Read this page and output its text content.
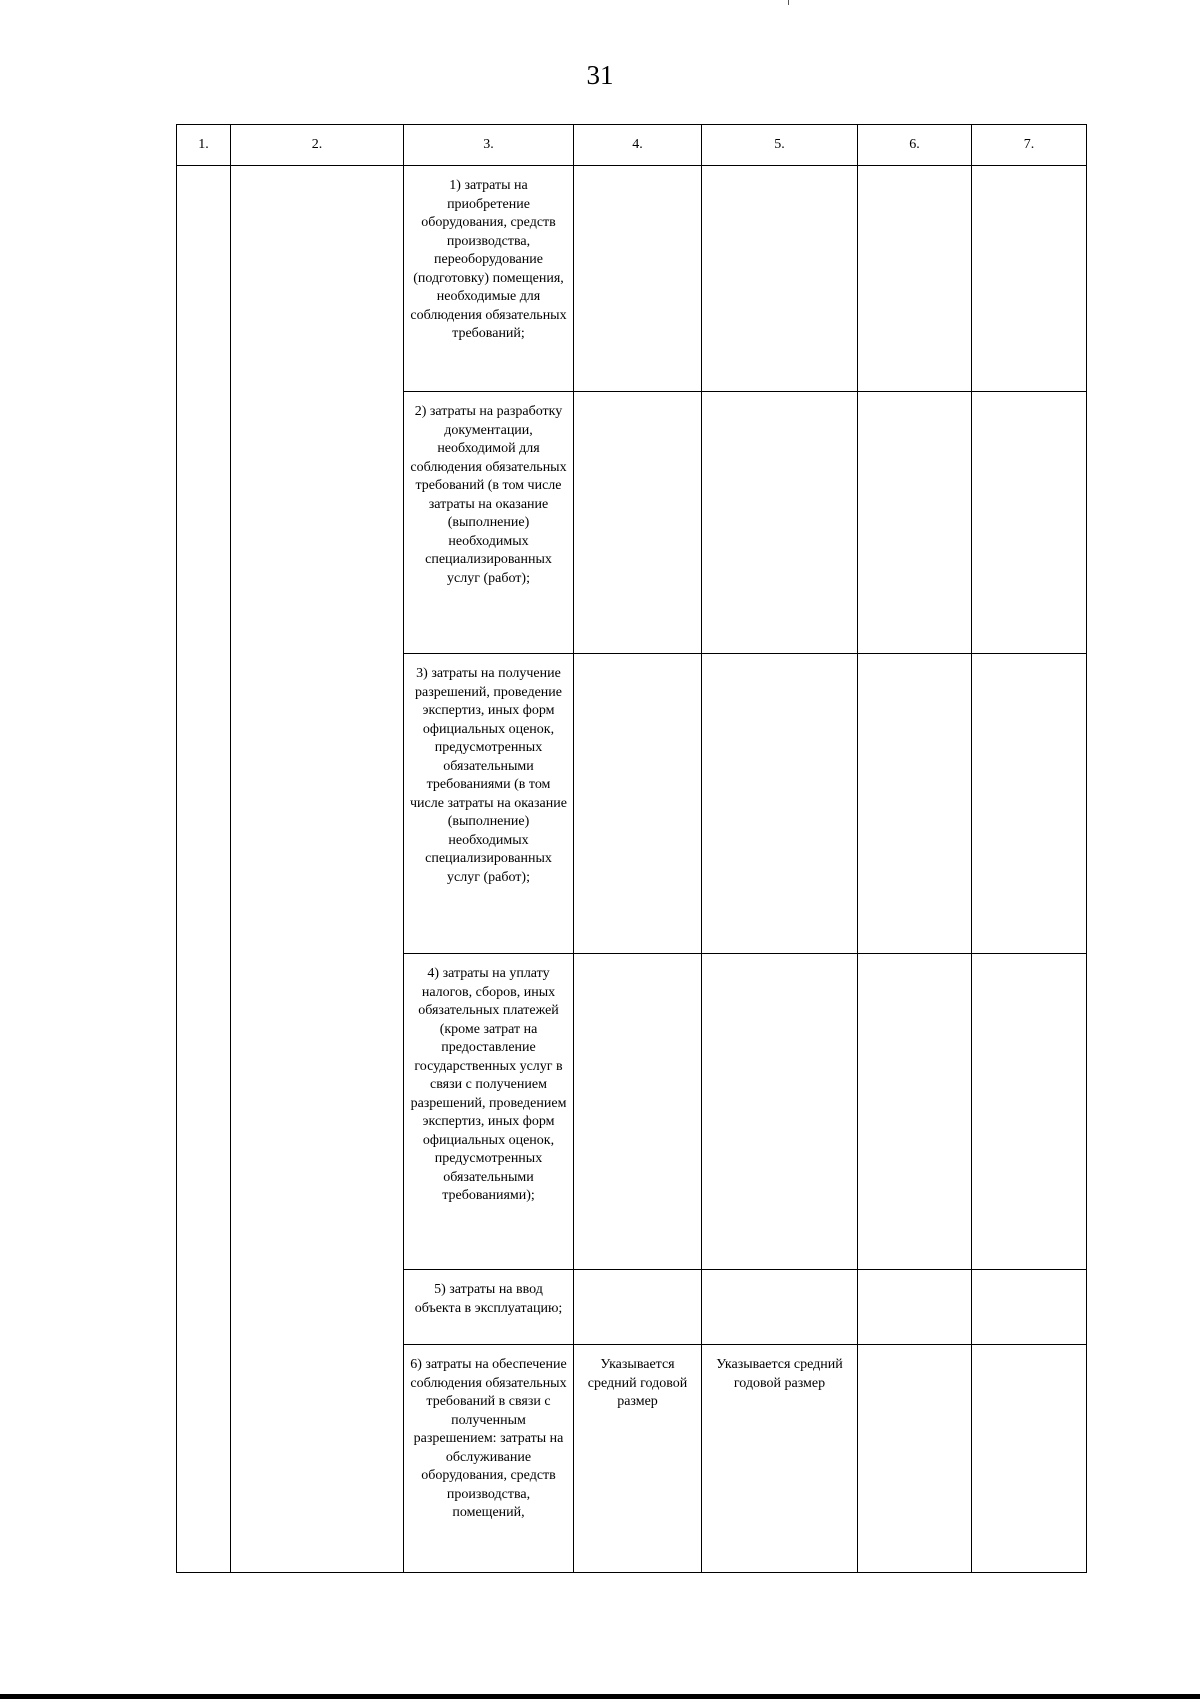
31
1.	2.	3.	4.	5.	6.	7.
		1) затраты на приобретение оборудования, средств производства, переоборудование (подготовку) помещения, необходимые для соблюдения обязательных требований;				
		2) затраты на разработку документации, необходимой для соблюдения обязательных требований (в том числе затраты на оказание (выполнение) необходимых специализированных услуг (работ);				
		3) затраты на получение разрешений, проведение экспертиз, иных форм официальных оценок, предусмотренных обязательными требованиями (в том числе затраты на оказание (выполнение) необходимых специализированных услуг (работ);				
		4) затраты на уплату налогов, сборов, иных обязательных платежей (кроме затрат на предоставление государственных услуг в связи с получением разрешений, проведением экспертиз, иных форм официальных оценок, предусмотренных обязательными требованиями);				
		5) затраты на ввод объекта в эксплуатацию;				
		6) затраты на обеспечение соблюдения обязательных требований в связи с полученным разрешением: затраты на обслуживание оборудования, средств производства, помещений,	Указывается средний годовой размер	Указывается средний годовой размер		
